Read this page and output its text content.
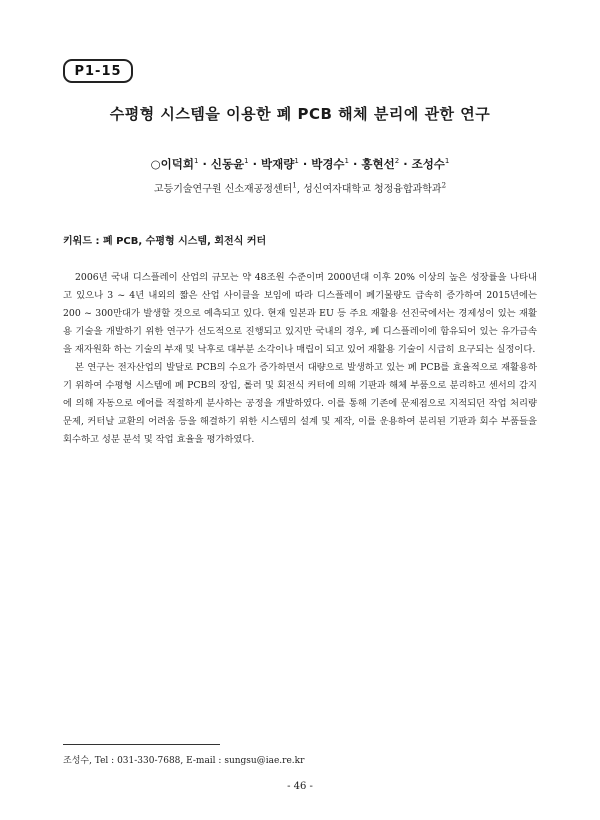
P1-15
수평형 시스템을 이용한 폐 PCB 해체 분리에 관한 연구
○이덕희$^1$ · 신동윤$^1$ · 박재량$^1$ · 박경수$^1$ · 홍현선$^2$ · 조성수$^1$
고등기술연구원 신소재공정센터$^1$, 성신여자대학교 청정융합과학과$^2$
키워드 : 폐 PCB, 수평형 시스템, 회전식 커터

2006년 국내 디스플레이 산업의 규모는 약 48조원 수준이며 2000년대 이후 20% 이상의 높은 성장률을 나타내고 있으나 3 ~ 4년 내외의 짧은 산업 사이클을 보임에 따라 디스플레이 폐기물량도 급속히 증가하여 2015년에는 200 ~ 300만대가 발생할 것으로 예측되고 있다. 현재 일본과 EU 등 주요 재활용 선진국에서는 경제성이 있는 재활용 기술을 개발하기 위한 연구가 선도적으로 진행되고 있지만 국내의 경우, 폐 디스플레이에 함유되어 있는 유가금속을 재자원화 하는 기술의 부재 및 낙후로 대부분 소각이나 매립이 되고 있어 재활용 기술이 시급히 요구되는 실정이다.

본 연구는 전자산업의 발달로 PCB의 수요가 증가하면서 대량으로 발생하고 있는 폐 PCB를 효율적으로 재활용하기 위하여 수평형 시스템에 폐 PCB의 장입, 롤러 및 회전식 커터에 의해 기판과 해체 부품으로 분리하고 센서의 감지에 의해 자동으로 에어를 적절하게 분사하는 공정을 개발하였다. 이를 통해 기존에 문제점으로 지적되던 작업 처리량 문제, 커터날 교환의 어려움 등을 해결하기 위한 시스템의 설계 및 제작, 이를 운용하여 분리된 기판과 회수 부품들을 회수하고 성분 분석 및 작업 효율을 평가하였다.

조성수, Tel : 031-330-7688, E-mail : sungsu@iae.re.kr
- 46 -
